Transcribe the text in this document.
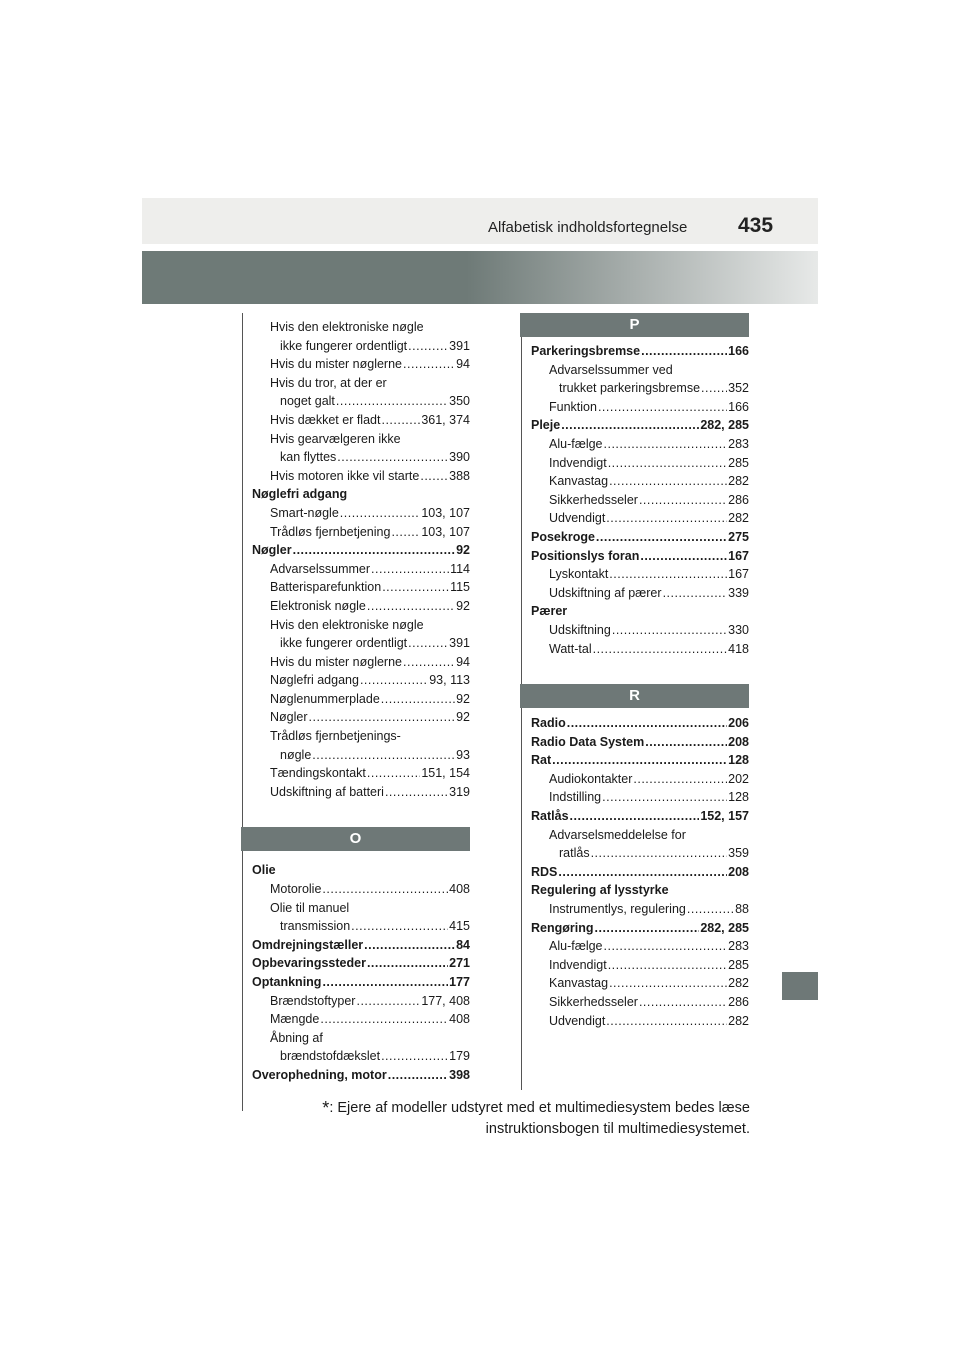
Alfabetisk indholdsfortegnelse 435
Hvis den elektroniske nøgle
ikke fungerer ordentligt .....	391
Hvis du mister nøglerne .....	94
Hvis du tror, at der er
noget galt .....	350
Hvis dækket er fladt .....	361, 374
Hvis gearvælgeren ikke
kan flyttes .....	390
Hvis motoren ikke vil starte ..... 388
Nøglefri adgang
Smart-nøgle .....	103, 107
Trådløs fjernbetjening ..... 103, 107
Nøgler .....	92
Advarselssummer .....	114
Batterisparefunktion .....	115
Elektronisk nøgle .....	92
Hvis den elektroniske nøgle
ikke fungerer ordentligt .....	391
Hvis du mister nøglerne .....	94
Nøglefri adgang .....	93, 113
Nøglenummerplade .....	92
Nøgler .....	92
Trådløs fjernbetjenings-
nøgle .....	93
Tændingskontakt .....	151, 154
Udskiftning af batteri .....	319
O
Olie
Motorolie .....	408
Olie til manuel
transmission .....	415
Omdrejningstæller .....	84
Opbevaringssteder .....	271
Optankning .....	177
Brændstoftyper .....	177, 408
Mængde .....	408
Åbning af
brændstofdækslet .....	179
Overophedning, motor .....	398
P
Parkeringsbremse .....	166
Advarselssummer ved
trukket parkeringsbremse ..... 352
Funktion .....	166
Pleje .....	282, 285
Alu-fælge .....	283
Indvendigt .....	285
Kanvastag .....	282
Sikkerhedsseler .....	286
Udvendigt .....	282
Posekroge .....	275
Positionslys foran .....	167
Lyskontakt .....	167
Udskiftning af pærer .....	339
Pærer
Udskiftning .....	330
Watt-tal .....	418
R
Radio .....	206
Radio Data System .....	208
Rat .....	128
Audiokontakter .....	202
Indstilling .....	128
Ratlås .....	152, 157
Advarselsmeddelelse for
ratlås .....	359
RDS .....	208
Regulering af lysstyrke
Instrumentlys, regulering .....	88
Rengøring .....	282, 285
Alu-fælge .....	283
Indvendigt .....	285
Kanvastag .....	282
Sikkerhedsseler .....	286
Udvendigt .....	282
*: Ejere af modeller udstyret med et multimediesystem bedes læse
instruktionsbogen til multimediesystemet.
